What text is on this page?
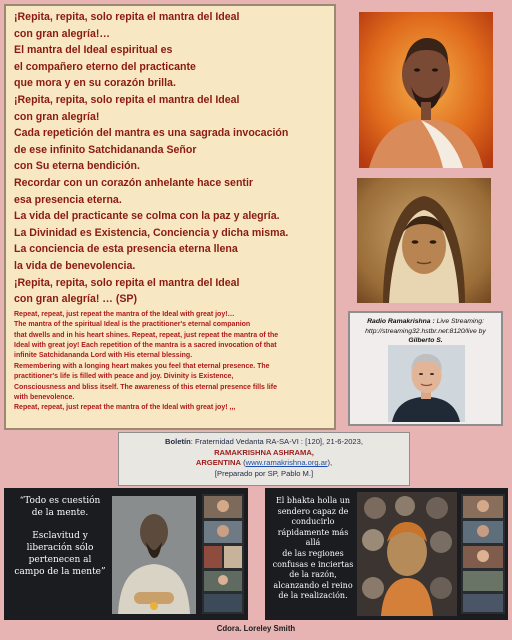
¡Repita, repita, solo repita el mantra del Ideal
con gran alegría!…
El mantra del Ideal espiritual es
el compañero eterno del practicante
que mora y en su corazón brilla.
¡Repita, repita, solo repita el mantra del Ideal
con gran alegría!
Cada repetición del mantra es una sagrada invocación
de ese infinito Satchidananda Señor
con Su eterna bendición.
Recordar con un corazón anhelante hace sentir
esa presencia eterna.
La vida del practicante se colma con la paz y alegría.
La Divinidad es Existencia, Conciencia y dicha misma.
La conciencia de esta presencia eterna llena
la vida de benevolencia.
¡Repita, repita, solo repita el mantra del Ideal
con gran alegría! … (SP)
Repeat, repeat, just repeat the mantra of the Ideal with great joy!…
The mantra of the spiritual Ideal is the practitioner's eternal companion
that dwells and in his heart shines. Repeat, repeat, just repeat the mantra of the
Ideal with great joy! Each repetition of the mantra is a sacred invocation of that
infinite Satchidananda Lord with His eternal blessing.
Remembering with a longing heart makes you feel that eternal presence. The
practitioner's life is filled with peace and joy. Divinity is Existence,
Consciousness and bliss itself. The awareness of this eternal presence fills life
with benevolence.
Repeat, repeat, just repeat the mantra of the Ideal with great joy! ,,,
Radio Ramakrishna : Live Streaming:
http://streaming32.hstbr.net:8120/live by
Gilberto S.
Boletín: Fraternidad Vedanta RA-SA-VI : [120], 21-6-2023,
RAMAKRISHNA ASHRAMA,
ARGENTINA (www.ramakrishna.org.ar),
[Preparado por SP, Pablo M.]
“Todo es cuestión
de la mente.

Esclavitud y
liberación sólo
pertenecen al
campo de la mente”
El bhakta holla un
sendero capaz de
conducirlo
rápidamente más allá
de las regiones
confusas e inciertas
de la razón,
alcanzando el reino
de la realización.
Cdora. Loreley Smith
